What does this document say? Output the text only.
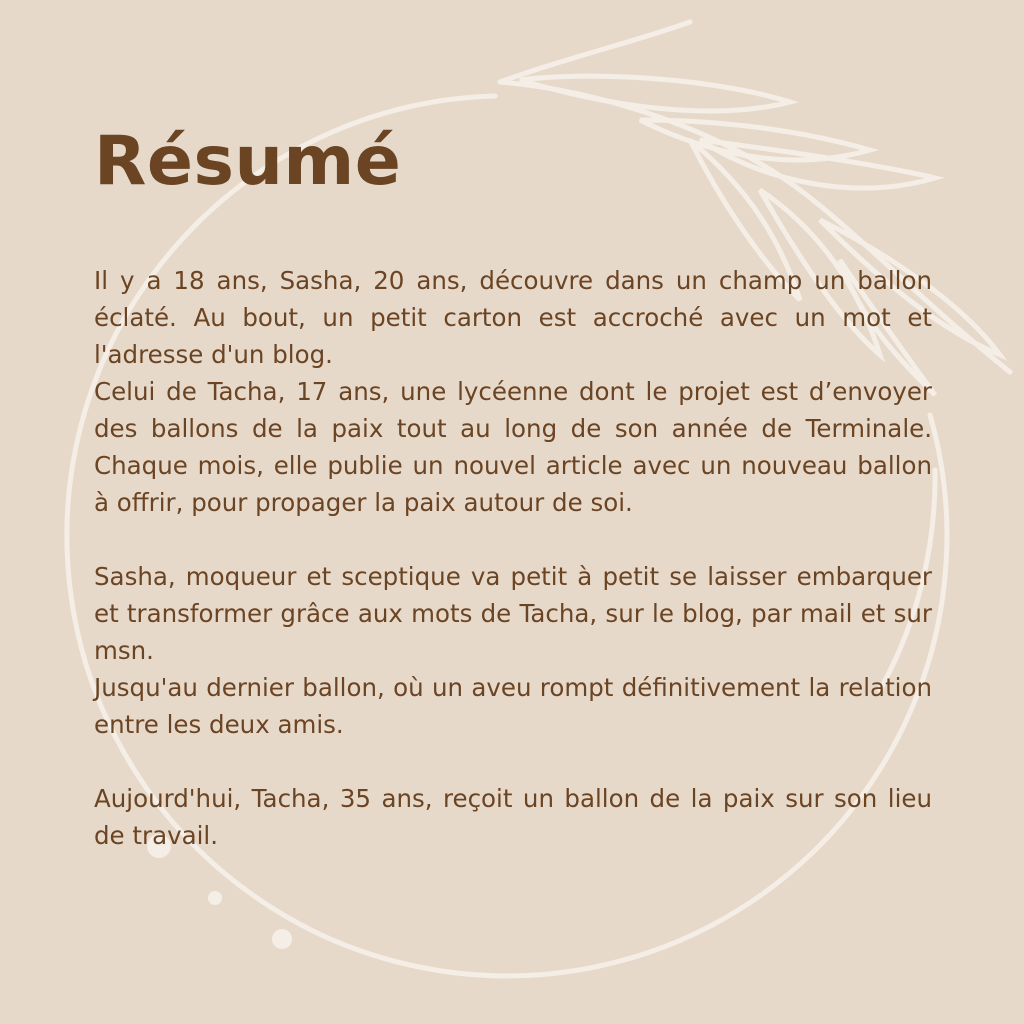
Résumé

Il y a 18 ans, Sasha, 20 ans, découvre dans un champ un ballon éclaté. Au bout, un petit carton est accroché avec un mot et l'adresse d'un blog.

Celui de Tacha, 17 ans, une lycéenne dont le projet est d’envoyer des ballons de la paix tout au long de son année de Terminale. Chaque mois, elle publie un nouvel article avec un nouveau ballon à offrir, pour propager la paix autour de soi.

Sasha, moqueur et sceptique va petit à petit se laisser embarquer et transformer grâce aux mots de Tacha, sur le blog, par mail et sur msn.

Jusqu'au dernier ballon, où un aveu rompt définitivement la relation entre les deux amis.

Aujourd'hui, Tacha, 35 ans, reçoit un ballon de la paix sur son lieu de travail.
